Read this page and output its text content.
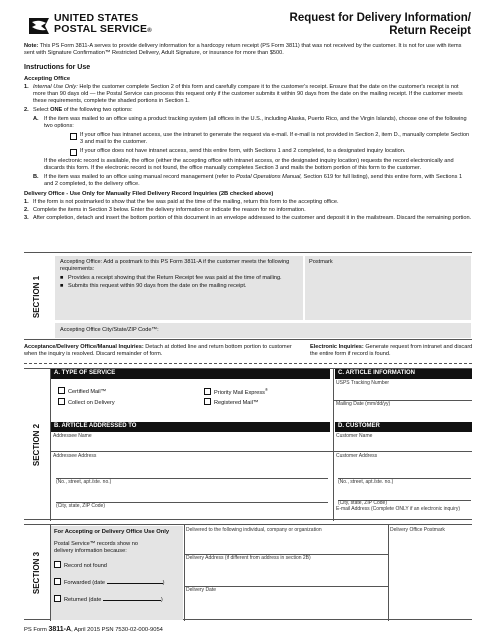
UNITED STATES
POSTAL SERVICE®
Request for Delivery Information/
Return Receipt
Note: This PS Form 3811-A serves to provide delivery information for a hardcopy return receipt (PS Form 3811) that was not received by the customer. It is not for use with items sent with Signature Confirmation™ Restricted Delivery, Adult Signature, or insurance for more than $500.
Instructions for Use
Accepting Office
1. Internal Use Only: Help the customer complete Section 2 of this form and carefully compare it to the customer's receipt. Ensure that the date on the customer's receipt is not more than 90 days old — the Postal Service can process this request only if the customer submits it within 90 days from the date on the mailing receipt. If the customer meets these requirements, complete the shaded portions in Section 1.
2. Select ONE of the following two options:
A. If the item was mailed to an office using a product tracking system (all offices in the U.S., including Alaska, Puerto Rico, and the Virgin Islands), choose one of the following two options:
If your office has intranet access, use the intranet to generate the request via e-mail. If e-mail is not provided in Section 2, item D., manually complete Section 3 and mail to the customer.
If your office does not have intranet access, send this entire form, with Sections 1 and 2 completed, to a designated inquiry location.

If the electronic record is available, the office (either the accepting office with intranet access, or the designated inquiry location) requests the record electronically and discards this form. If the electronic record is not found, the office manually completes Section 3 and mails the bottom portion of this form to the customer.

B. If the item was mailed to an office using manual record management (refer to Postal Operations Manual, Section 619 for full listing), send this entire form, with Sections 1 and 2 completed, to the delivery office.
Delivery Office - Use Only for Manually Filed Delivery Record Inquiries (2B checked above)
1. If the form is not postmarked to show that the fee was paid at the time of the mailing, return this form to the accepting office.
2. Complete the items in Section 3 below. Enter the delivery information or indicate the reason for no information.
3. After completion, detach and insert the bottom portion of this document in an envelope addressed to the customer and deposit it in the mailstream. Discard the remaining portion.
SECTION 1
Accepting Office: Add a postmark to this PS Form 3811-A if the customer meets the following requirements:
■ Provides a receipt showing that the Return Receipt fee was paid at the time of mailing.
■ Submits this request within 90 days from the date on the mailing receipt.
Postmark
Accepting Office City/State/ZIP Code™:
Acceptance/Delivery Office/Manual Inquiries: Detach at dotted line and return bottom portion to customer when the inquiry is resolved. Discard remainder of form.
Electronic Inquiries: Generate request from intranet and discard the entire form if record is found.
SECTION 2
A. TYPE OF SERVICE
Certified Mail™
Collect on Delivery
Priority Mail Express®
Registered Mail™
C. ARTICLE INFORMATION
USPS Tracking Number
Mailing Date (mm/dd/yy)
B. ARTICLE ADDRESSED TO
Addressee Name
Addressee Address
(No., street, apt./ste. no.)
(City, state, ZIP Code)
D. CUSTOMER
Customer Name
Customer Address
(No., street, apt./ste. no.)
(City, state, ZIP Code)
E-mail Address (Complete ONLY if an electronic inquiry)
SECTION 3
For Accepting or Delivery Office Use Only
Postal Service™ records show no delivery information because:
Record not found
Forwarded (date	)
Returned (date	)
Delivered to the following individual, company or organization
Delivery Address (if different from address in section 2B)
Delivery Date
Delivery Office Postmark
PS Form 3811-A, April 2015 PSN 7530-02-000-9054
